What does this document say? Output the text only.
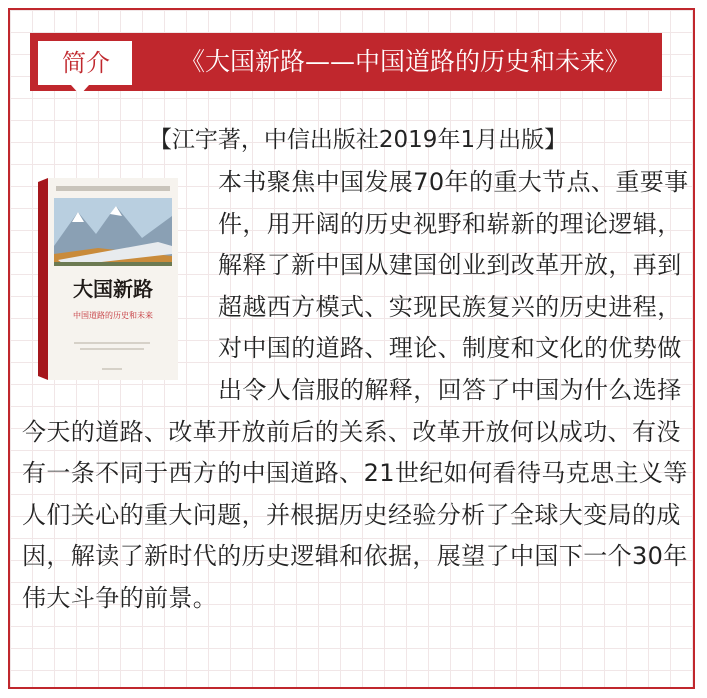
简介	《大国新路——中国道路的历史和未来》
【江宇著，中信出版社2019年1月出版】
大国新路
中国道路的历史和未来

本书聚焦中国发展70年的重大节点、重要事件，用开阔的历史视野和崭新的理论逻辑，解释了新中国从建国创业到改革开放，再到超越西方模式、实现民族复兴的历史进程，对中国的道路、理论、制度和文化的优势做出令人信服的解释，回答了中国为什么选择今天的道路、改革开放前后的关系、改革开放何以成功、有没有一条不同于西方的中国道路、21世纪如何看待马克思主义等人们关心的重大问题，并根据历史经验分析了全球大变局的成因，解读了新时代的历史逻辑和依据，展望了中国下一个30年伟大斗争的前景。
